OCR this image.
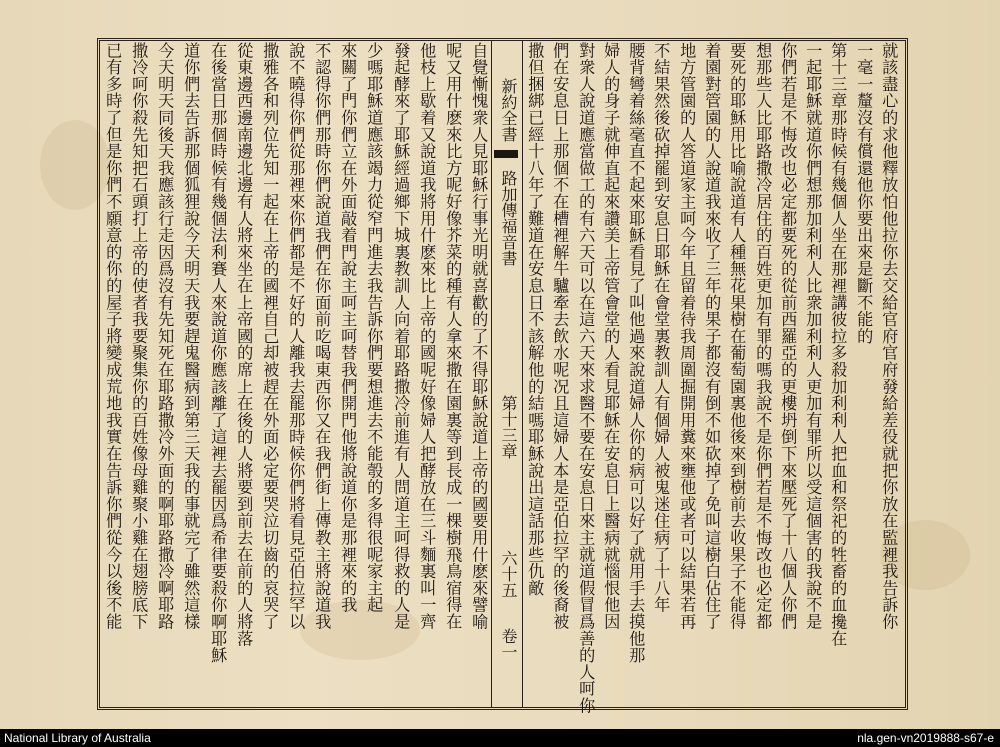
新約全書
路加傳福音書
第十三章
六十五
卷一
就該盡心的求他釋放怕他拉你去交給官府官府發給差役就把你放在監裡我告訴你
一毫一釐沒有償還他你要出來是斷不能的
第十三章那時候有幾個人坐在那裡講彼拉多殺加利利人把血和祭祀的牲畜的血攙在
一起耶穌就道你們想那加利利人比衆加利利人更加有罪所以受這個害的我說不是
你們若是不悔改也必定都要死的從前西羅亞的更樓坍倒下來壓死了十八個人你們
想那些人比耶路撒冷居住的百姓更加有罪的嗎我說不是你們若是不悔改也必定都
要死的耶穌用比喻說道有人種無花果樹在葡萄園裏他後來到樹前去收果子不能得
着園對管園的人說道我來收了三年的果子都沒有倒不如砍掉了免叫這樹白佔住了
地方管園的人答道家主呵今年且留着待我周圍掘開用糞來壅他或者可以結果若再
不結果然後砍掉罷到安息日耶穌在會堂裏教訓人有個婦人被鬼迷住病了十八年
腰背彎着絲毫直不起來耶穌看見了叫他過來說道婦人你的病可以好了就用手去摸他那
婦人的身子就伸直起來讚美上帝管會堂的人看見耶穌在安息日上醫病就惱恨他因
對衆人說道應當做工的有六天可以在這六天來求醫不要在安息日來主就道假冒爲善的人呵你
們在安息日上那個不在槽裡解牛驢牽去飲水呢况且這婦人本是亞伯拉罕的後裔被
撒但捆綁已經十八年了難道在安息日不該解他的結嗎耶穌說出這話那些仇敵
自覺慚愧衆人見耶穌行事光明就喜歡的了不得耶穌說道上帝的國要用什麽來譬喻
呢又用什麽來比方呢好像芥菜的種有人拿來撒在園裏等到長成一棵樹飛鳥宿得在
他枝上歇着又說道我將用什麽來比上帝的國呢好像婦人把酵放在三斗麵裏叫一齊
發起酵來了耶穌經過鄉下城裏教訓人向着耶路撒冷前進有人問道主呵得救的人是
少嗎耶穌道應該竭力從窄門進去我告訴你們要想進去不能彀的多得很呢家主起
來關了門你們立在外面敲着門說主呵主呵替我們開門他將說道你是那裡來的我
不認得你們那時你們說道我們在你面前吃喝東西你又在我們街上傳教主將說道我
說不曉得你們從那裡來你們都是不好的人離我去罷那時候你們將看見亞伯拉罕以
撒雅各和列位先知一起在上帝的國裡自己却被趕在外面必定要哭泣切齒的哀哭了
從東邊西邊南邊北邊有人將來坐在上帝國的席上在後的人將要到前去在前的人將落
在後當日那個時候有幾個法利賽人來說道你應該離了這裡去罷因爲希律要殺你啊耶穌
道你們去告訴那個狐狸說今天明天我要趕鬼醫病到第三天我的事就完了雖然這樣
今天明天同後天我應該行走因爲沒有先知死在耶路撒冷外面的啊耶路撒冷啊耶路
撒冷呵你殺先知把石頭打上帝的使者我要聚集你的百姓像母雞聚小雞在翅膀底下
已有多時了但是你們不願意的你的屋子將變成荒地我實在告訴你們從今以後不能
National Library of Australia	nla.gen-vn2019888-s67-e
